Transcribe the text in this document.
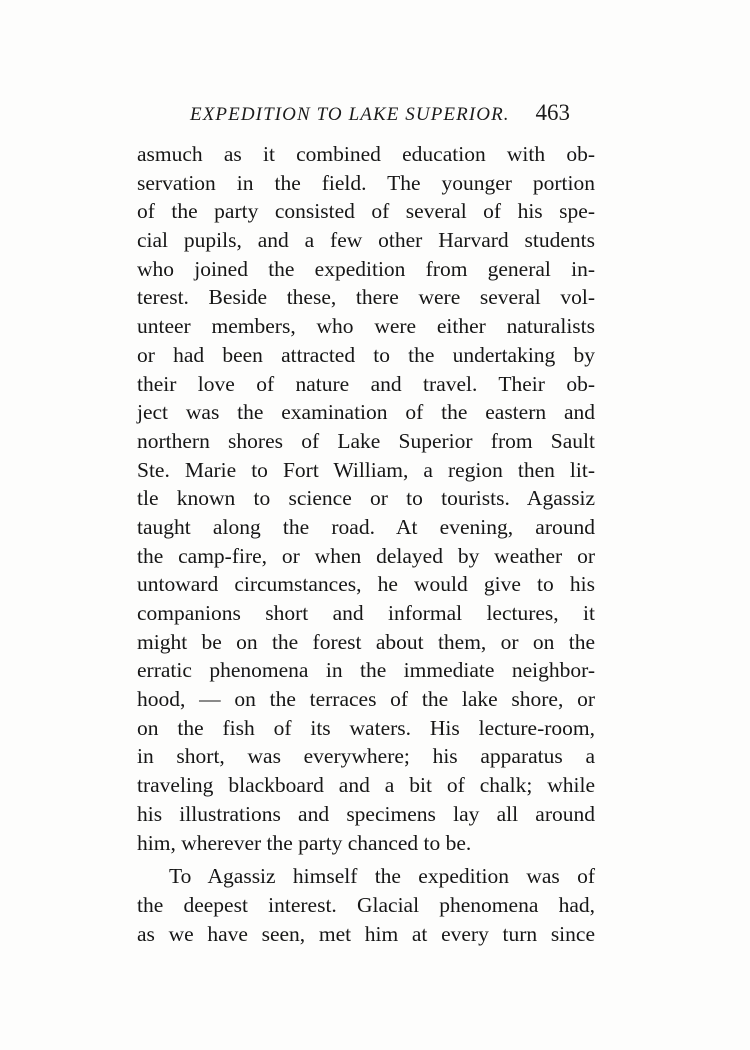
EXPEDITION TO LAKE SUPERIOR. 463
asmuch as it combined education with ob-
servation in the field. The younger portion
of the party consisted of several of his spe-
cial pupils, and a few other Harvard students
who joined the expedition from general in-
terest. Beside these, there were several vol-
unteer members, who were either naturalists
or had been attracted to the undertaking by
their love of nature and travel. Their ob-
ject was the examination of the eastern and
northern shores of Lake Superior from Sault
Ste. Marie to Fort William, a region then lit-
tle known to science or to tourists. Agassiz
taught along the road. At evening, around
the camp-fire, or when delayed by weather or
untoward circumstances, he would give to his
companions short and informal lectures, it
might be on the forest about them, or on the
erratic phenomena in the immediate neighbor-
hood, — on the terraces of the lake shore, or
on the fish of its waters. His lecture-room,
in short, was everywhere; his apparatus a
traveling blackboard and a bit of chalk; while
his illustrations and specimens lay all around
him, wherever the party chanced to be.
To Agassiz himself the expedition was of
the deepest interest. Glacial phenomena had,
as we have seen, met him at every turn since
